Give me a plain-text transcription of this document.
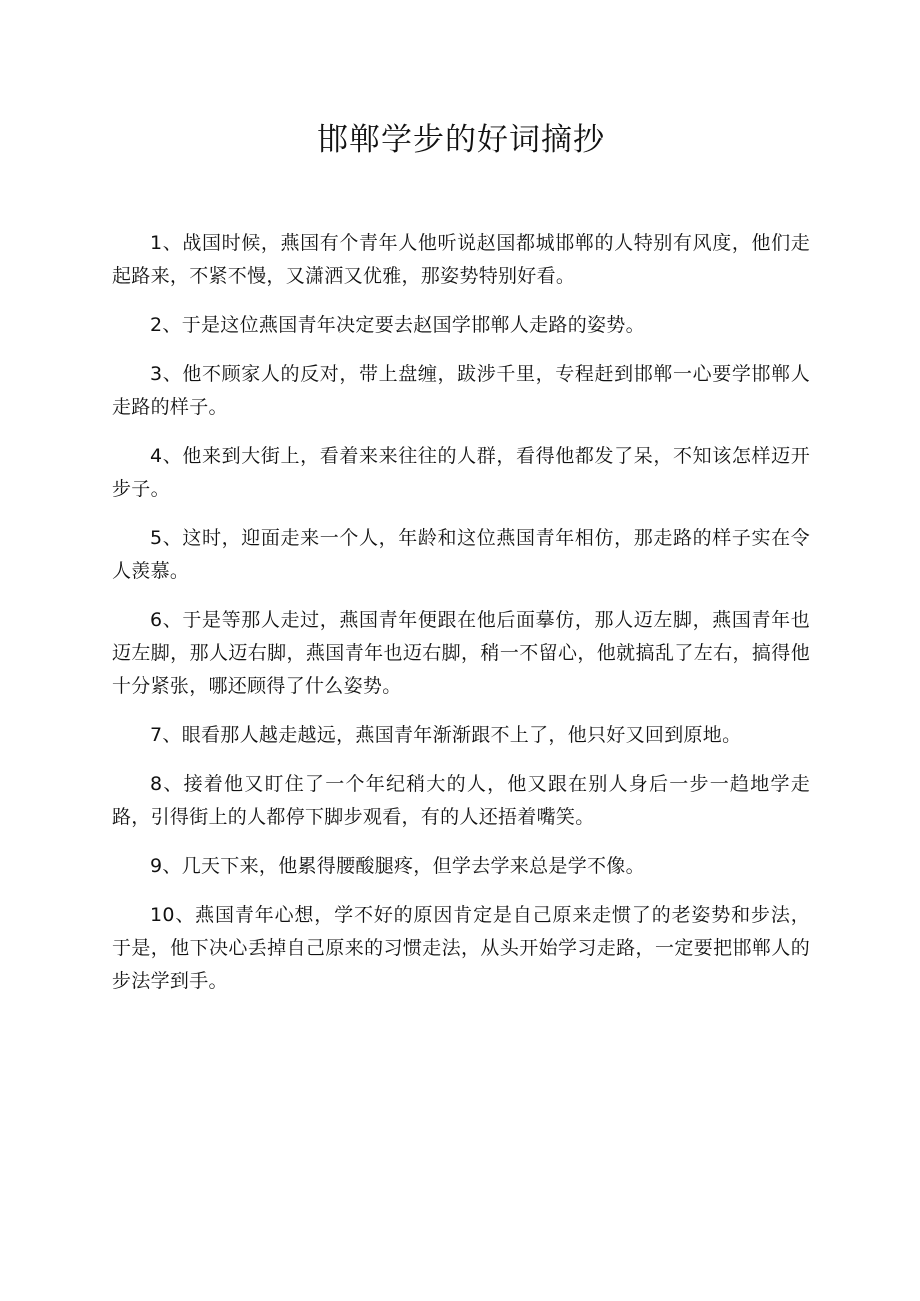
邯郸学步的好词摘抄

1、战国时候，燕国有个青年人他听说赵国都城邯郸的人特别有风度，他们走起路来，不紧不慢，又潇洒又优雅，那姿势特别好看。

2、于是这位燕国青年决定要去赵国学邯郸人走路的姿势。

3、他不顾家人的反对，带上盘缠，跋涉千里，专程赶到邯郸一心要学邯郸人走路的样子。

4、他来到大街上，看着来来往往的人群，看得他都发了呆，不知该怎样迈开步子。

5、这时，迎面走来一个人，年龄和这位燕国青年相仿，那走路的样子实在令人羡慕。

6、于是等那人走过，燕国青年便跟在他后面摹仿，那人迈左脚，燕国青年也迈左脚，那人迈右脚，燕国青年也迈右脚，稍一不留心，他就搞乱了左右，搞得他十分紧张，哪还顾得了什么姿势。

7、眼看那人越走越远，燕国青年渐渐跟不上了，他只好又回到原地。

8、接着他又盯住了一个年纪稍大的人，他又跟在别人身后一步一趋地学走路，引得街上的人都停下脚步观看，有的人还捂着嘴笑。

9、几天下来，他累得腰酸腿疼，但学去学来总是学不像。

10、燕国青年心想，学不好的原因肯定是自己原来走惯了的老姿势和步法，于是，他下决心丢掉自己原来的习惯走法，从头开始学习走路，一定要把邯郸人的步法学到手。
